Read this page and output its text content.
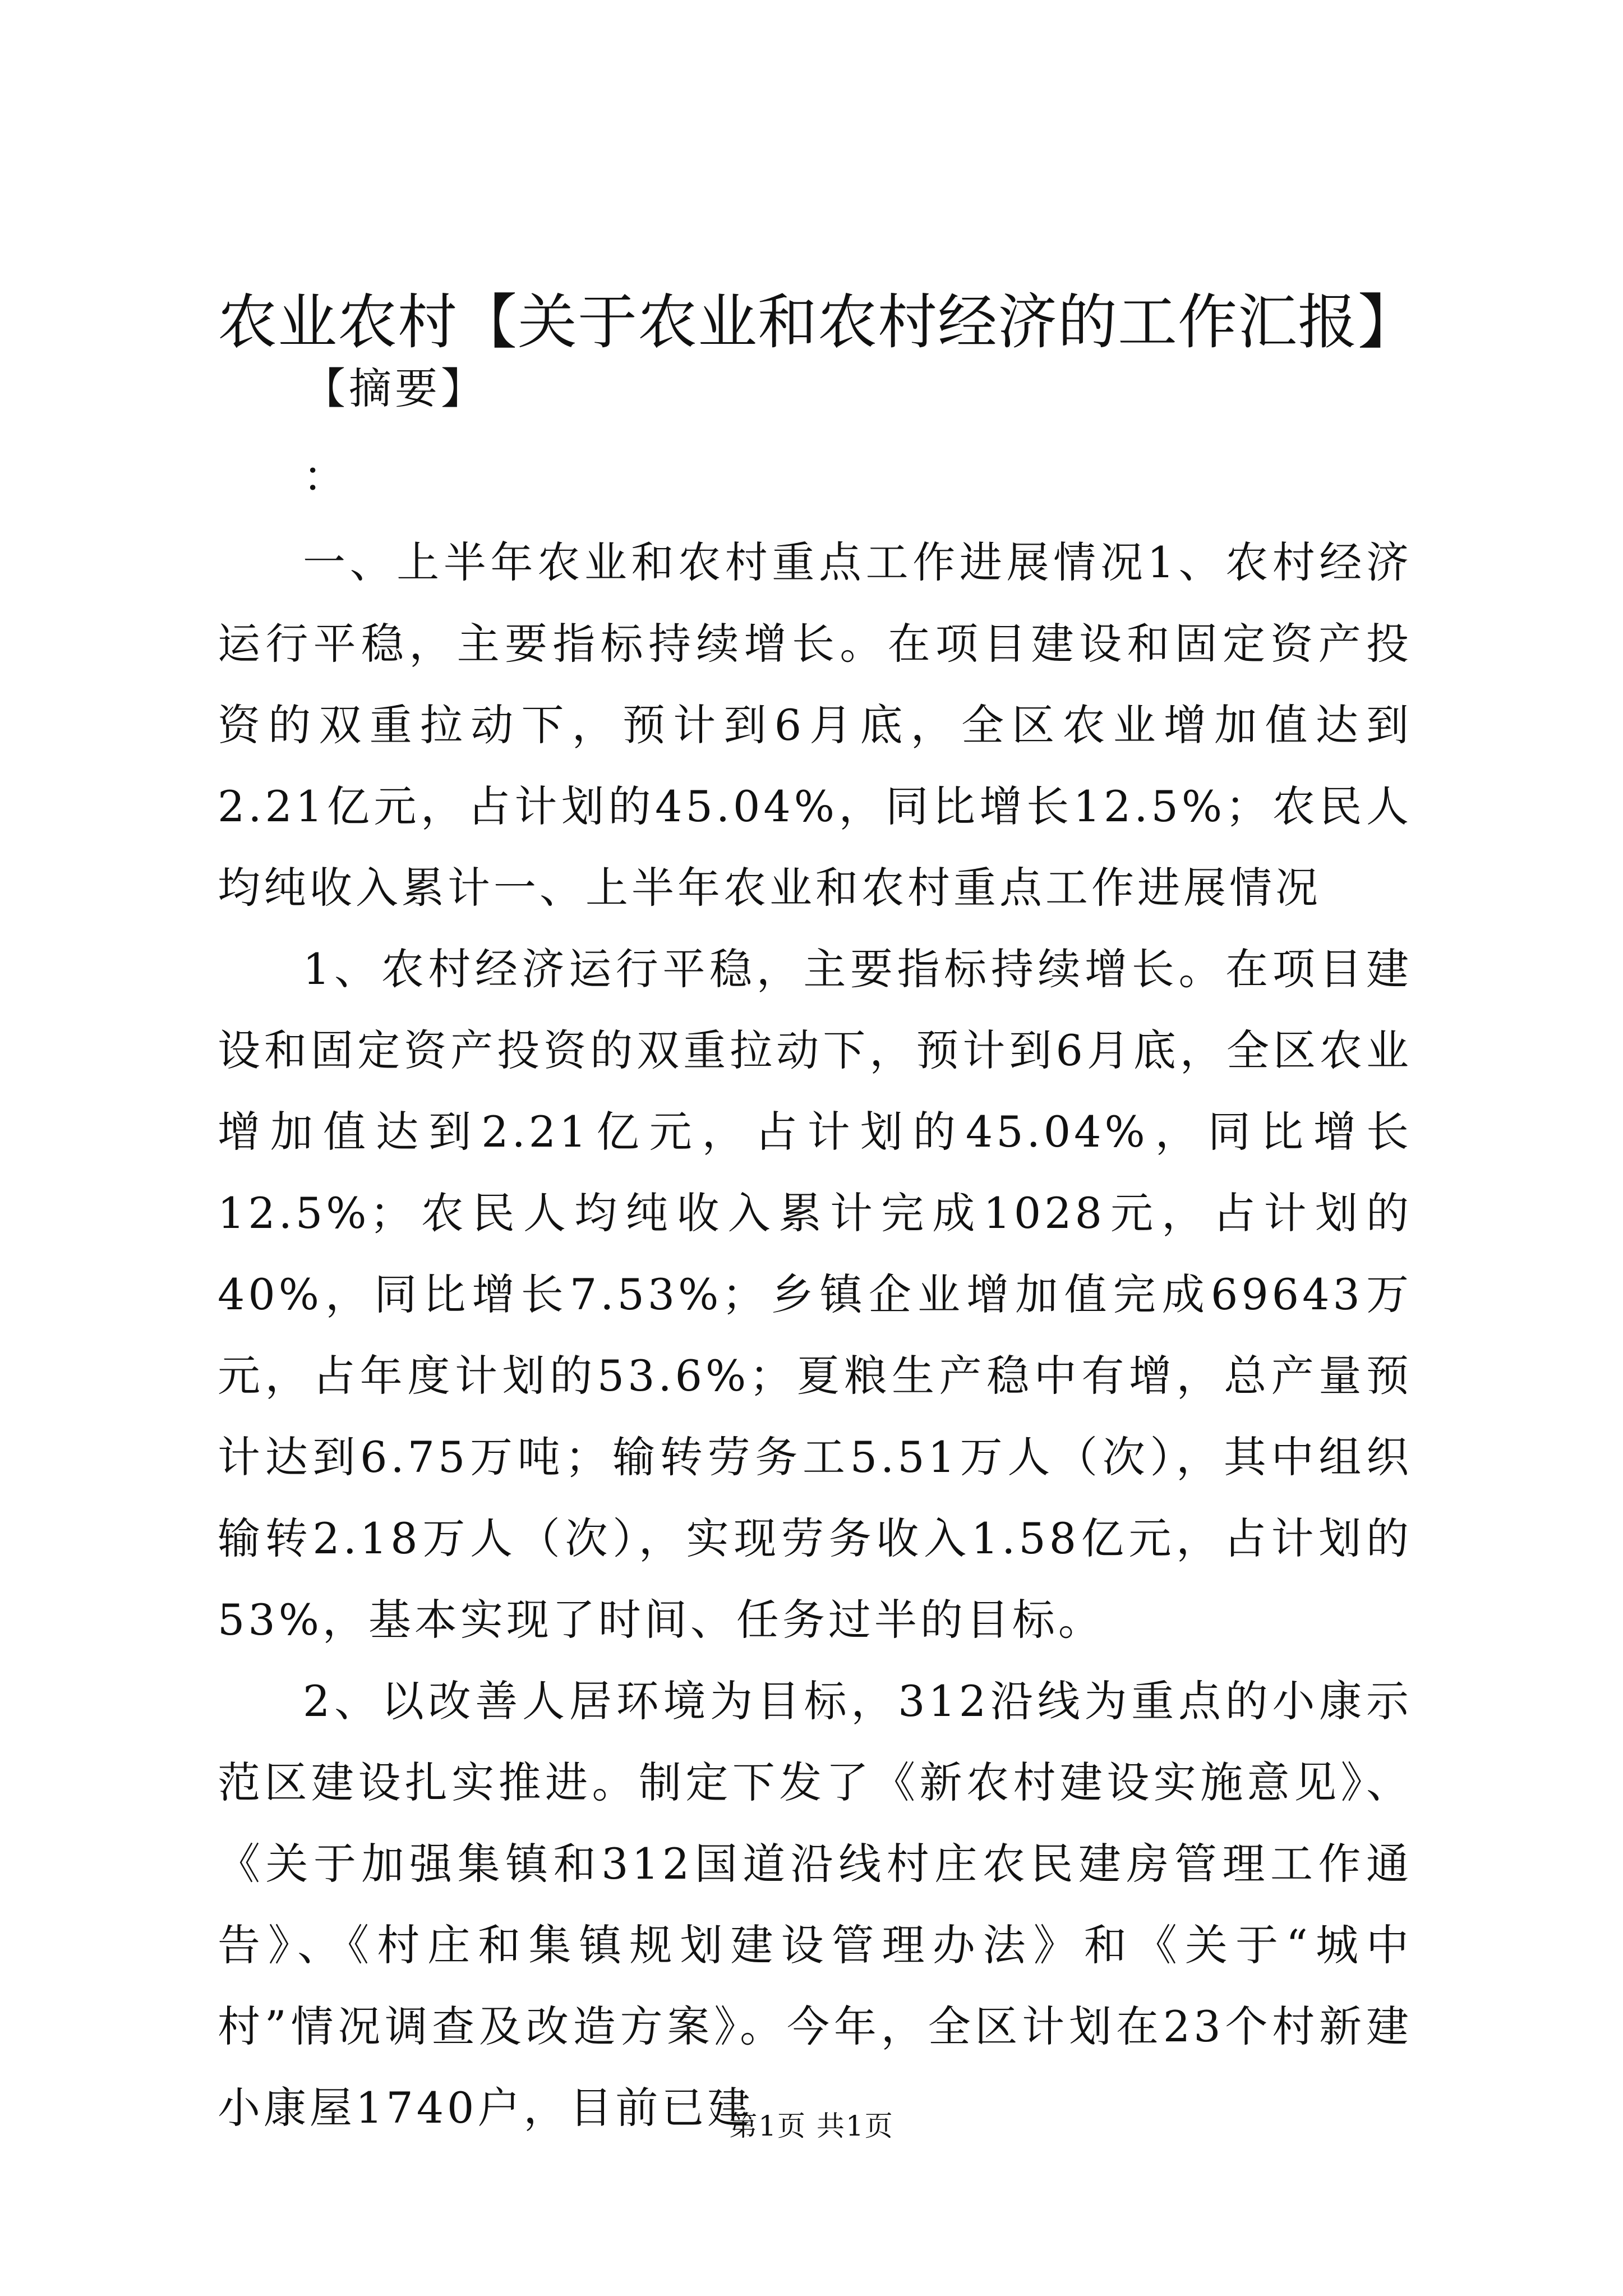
农业农村【关于农业和农村经济的工作汇报】

【摘要】

：

一、上半年农业和农村重点工作进展情况1、农村经济运行平稳，主要指标持续增长。在项目建设和固定资产投资的双重拉动下，预计到6月底，全区农业增加值达到2.21亿元，占计划的45.04%，同比增长12.5%；农民人均纯收入累计一、上半年农业和农村重点工作进展情况

1、农村经济运行平稳，主要指标持续增长。在项目建设和固定资产投资的双重拉动下，预计到6月底，全区农业增加值达到2.21亿元，占计划的45.04%，同比增长12.5%；农民人均纯收入累计完成1028元，占计划的40%，同比增长7.53%；乡镇企业增加值完成69643万元，占年度计划的53.6%；夏粮生产稳中有增，总产量预计达到6.75万吨；输转劳务工5.51万人（次），其中组织输转2.18万人（次），实现劳务收入1.58亿元，占计划的53%，基本实现了时间、任务过半的目标。

2、以改善人居环境为目标，312沿线为重点的小康示范区建设扎实推进。制定下发了《新农村建设实施意见》、《关于加强集镇和312国道沿线村庄农民建房管理工作通告》、《村庄和集镇规划建设管理办法》和《关于“城中村”情况调查及改造方案》。今年，全区计划在23个村新建小康屋1740户，目前已建

第1页 共1页
